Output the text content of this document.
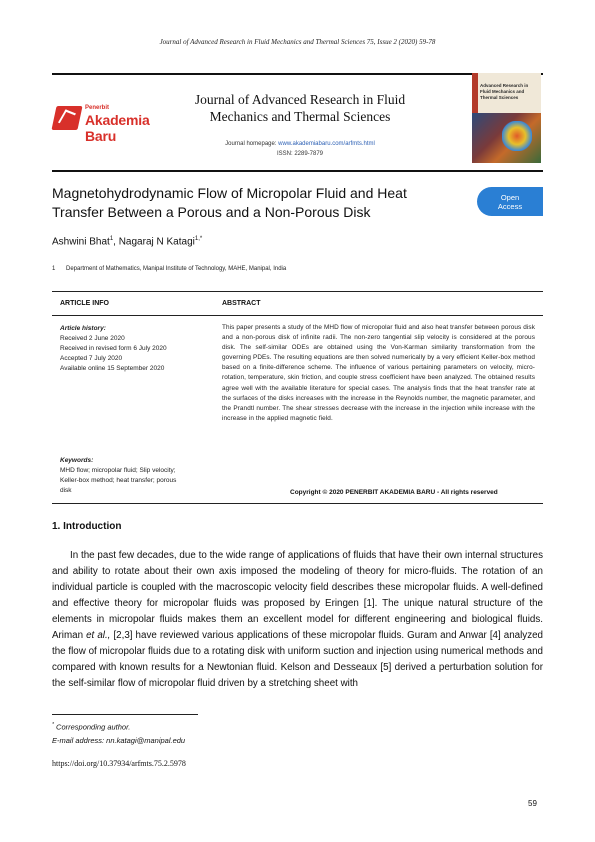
Journal of Advanced Research in Fluid Mechanics and Thermal Sciences 75, Issue 2 (2020) 59-78
Penerbit
Akademia Baru
Journal of Advanced Research in Fluid
Mechanics and Thermal Sciences
Journal homepage: www.akademiabaru.com/arfmts.html
ISSN: 2289-7879
Advanced Research in Fluid Mechanics and Thermal Sciences
Magnetohydrodynamic Flow of Micropolar Fluid and Heat
Transfer Between a Porous and a Non-Porous Disk
Open
Access
Ashwini Bhat$^1$, Nagaraj N Katagi$^{1,*}$
1 Department of Mathematics, Manipal Institute of Technology, MAHE, Manipal, India
ARTICLE INFO	ABSTRACT
Article history:
Received 2 June 2020
Received in revised form 6 July 2020
Accepted 7 July 2020
Available online 15 September 2020
This paper presents a study of the MHD flow of micropolar fluid and also heat transfer between porous disk and a non-porous disk of infinite radii. The non-zero tangential slip velocity is considered at the porous disk. The self-similar ODEs are obtained using the Von-Karman similarity transformation from the governing PDEs. The resulting equations are then solved numerically by a very efficient Keller-box method based on a finite-difference scheme. The influence of various pertaining parameters on velocity, micro-rotation, temperature, skin friction, and couple stress coefficient have been analyzed. The obtained results agree well with the available literature for special cases. The analysis finds that the heat transfer rate at the surfaces of the disks increases with the increase in the Reynolds number, the magnetic parameter, and the Prandtl number. The shear stresses decrease with the increase in the injection while increase with the increase in the applied magnetic field.
Keywords:
MHD flow; micropolar fluid; Slip velocity;
Keller-box method; heat transfer; porous
disk	Copyright © 2020 PENERBIT AKADEMIA BARU - All rights reserved
1. Introduction

In the past few decades, due to the wide range of applications of fluids that have their own internal structures and ability to rotate about their own axis imposed the modeling of theory for micro-fluids. The rotation of an individual particle is coupled with the macroscopic velocity field describes these micropolar fluids. A well-defined and effective theory for micropolar fluids was proposed by Eringen [1]. The unique natural structure of the elements in micropolar fluids makes them an excellent model for different engineering and biological fluids. Ariman et al., [2,3] have reviewed various applications of these micropolar fluids. Guram and Anwar [4] analyzed the flow of micropolar fluids due to a rotating disk with uniform suction and injection using numerical methods and compared with known results for a Newtonian fluid. Kelson and Desseaux [5] derived a perturbation solution for the self-similar flow of micropolar fluid driven by a stretching sheet with

* Corresponding author.
E-mail address: nn.katagi@manipal.edu
https://doi.org/10.37934/arfmts.75.2.5978
59
